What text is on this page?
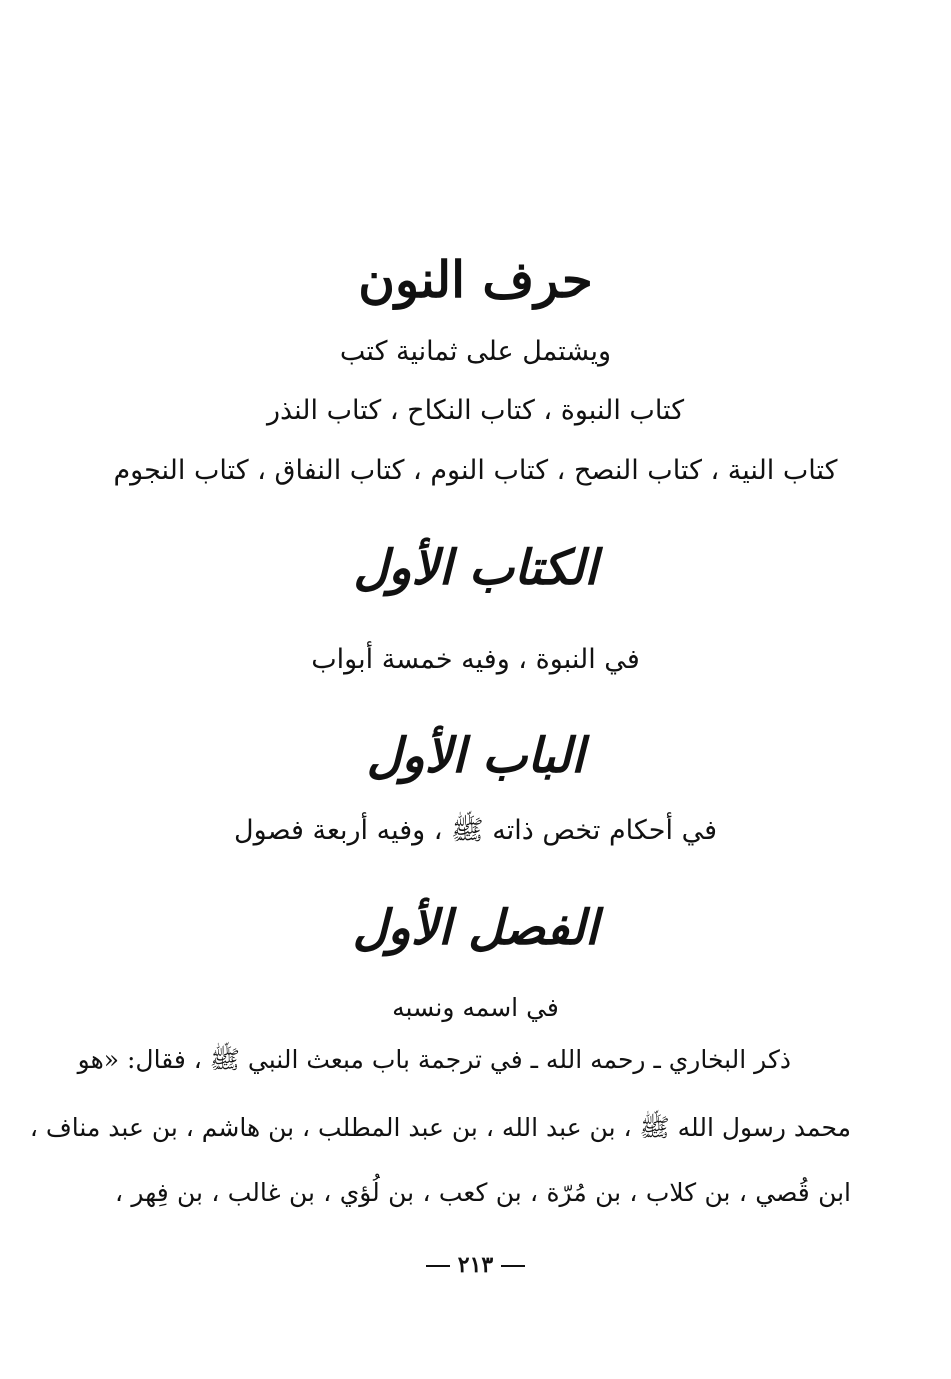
حرف النون
ويشتمل على ثمانية كتب
كتاب النبوة ، كتاب النكاح ، كتاب النذر
كتاب النية ، كتاب النصح ، كتاب النوم ، كتاب النفاق ، كتاب النجوم
الكتاب الأول
في النبوة ، وفيه خمسة أبواب
الباب الأول
في أحكام تخص ذاته ﷺ ، وفيه أربعة فصول
الفصل الأول
في اسمه ونسبه
ذكر البخاري ـ رحمه الله ـ في ترجمة باب مبعث النبي ﷺ ، فقال: «هو
محمد رسول الله ﷺ ، بن عبد الله ، بن عبد المطلب ، بن هاشم ، بن عبد مناف ،
ابن قُصي ، بن كلاب ، بن مُرّة ، بن كعب ، بن لُؤي ، بن غالب ، بن فِهر ،
٢١٣
